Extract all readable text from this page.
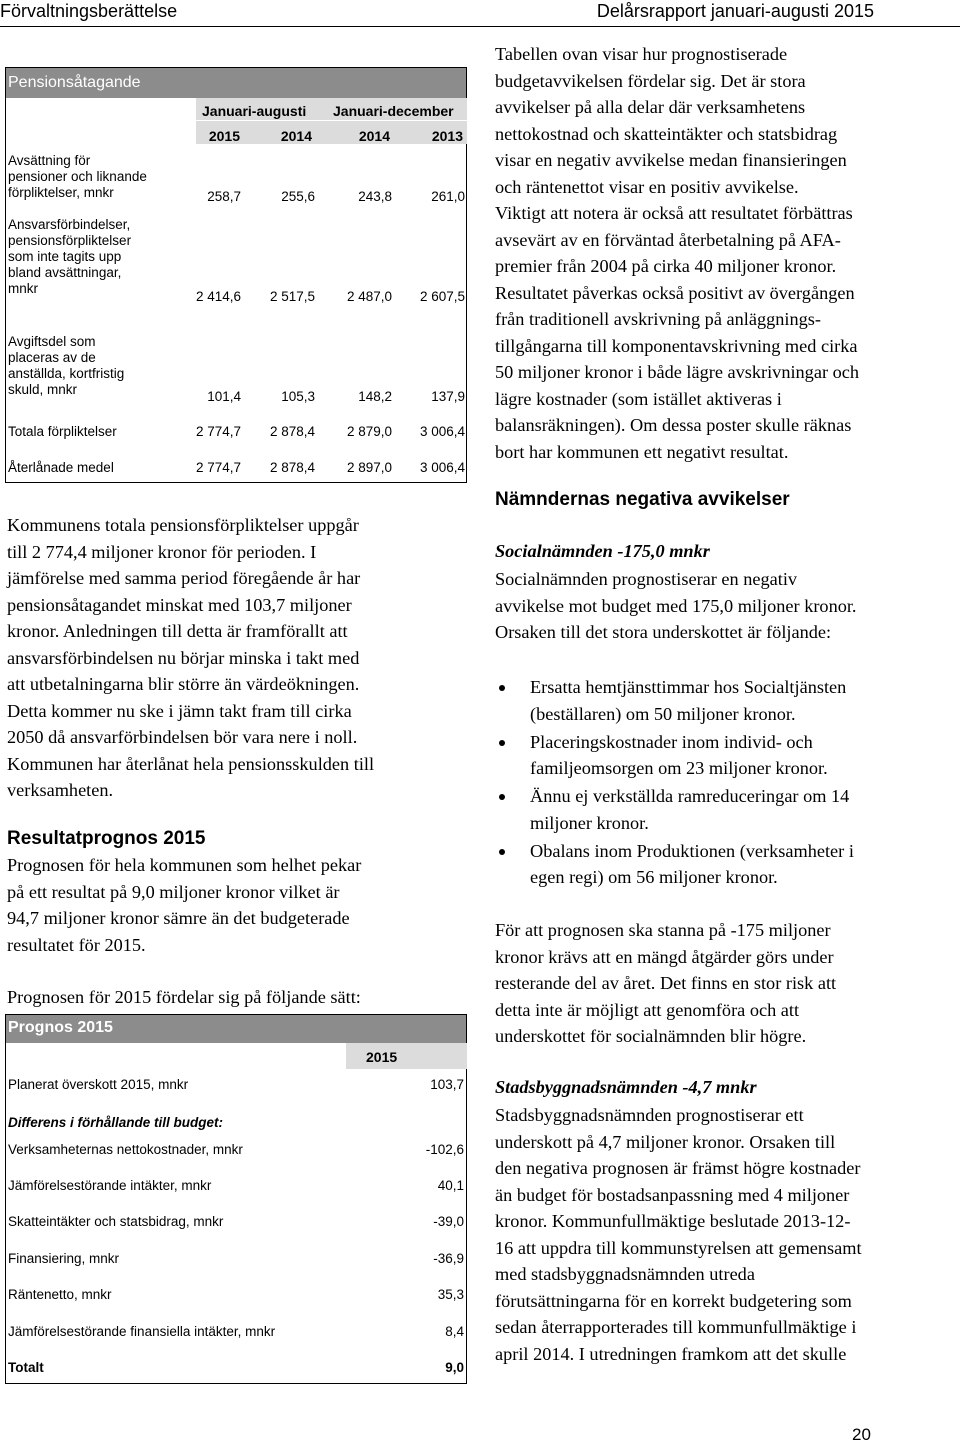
Förvaltningsberättelse	Delårsrapport januari-augusti 2015
Pensionsåtagande
Januari-augusti Januari-december
2015	2014	2014	2013
Avsättning för
pensioner och liknande
förpliktelser, mnkr	258,7	255,6	243,8	261,0
Ansvarsförbindelser,
pensionsförpliktelser
som inte tagits upp
bland avsättningar,
mnkr
2 414,6	2 517,5	2 487,0	2 607,5
Avgiftsdel som
placeras av de
anställda, kortfristig
skuld, mnkr	101,4	105,3	148,2	137,9
Totala förpliktelser	2 774,7	2 878,4	2 879,0	3 006,4
Återlånade medel	2 774,7	2 878,4	2 897,0	3 006,4
Kommunens totala pensionsförpliktelser uppgår
till 2 774,4 miljoner kronor för perioden. I
jämförelse med samma period föregående år har
pensionsåtagandet minskat med 103,7 miljoner
kronor. Anledningen till detta är framförallt att
ansvarsförbindelsen nu börjar minska i takt med
att utbetalningarna blir större än värdeökningen.
Detta kommer nu ske i jämn takt fram till cirka
2050 då ansvarförbindelsen bör vara nere i noll.
Kommunen har återlånat hela pensionsskulden till
verksamheten.
Resultatprognos 2015
Prognosen för hela kommunen som helhet pekar
på ett resultat på 9,0 miljoner kronor vilket är
94,7 miljoner kronor sämre än det budgeterade
resultatet för 2015.
Prognosen för 2015 fördelar sig på följande sätt:
Prognos 2015
2015
Planerat överskott 2015, mnkr	103,7
Differens i förhållande till budget:
Verksamheternas nettokostnader, mnkr	-102,6
Jämförelsestörande intäkter, mnkr	40,1
Skatteintäkter och statsbidrag, mnkr	-39,0
Finansiering, mnkr	-36,9
Räntenetto, mnkr	35,3
Jämförelsestörande finansiella intäkter, mnkr	8,4
Totalt	9,0
Tabellen ovan visar hur prognostiserade
budgetavvikelsen fördelar sig. Det är stora
avvikelser på alla delar där verksamhetens
nettokostnad och skatteintäkter och statsbidrag
visar en negativ avvikelse medan finansieringen
och räntenettot visar en positiv avvikelse.
Viktigt att notera är också att resultatet förbättras
avsevärt av en förväntad återbetalning på AFA-
premier från 2004 på cirka 40 miljoner kronor.
Resultatet påverkas också positivt av övergången
från traditionell avskrivning på anläggnings-
tillgångarna till komponentavskrivning med cirka
50 miljoner kronor i både lägre avskrivningar och
lägre kostnader (som istället aktiveras i
balansräkningen). Om dessa poster skulle räknas
bort har kommunen ett negativt resultat.
Nämndernas negativa avvikelser
Socialnämnden -175,0 mnkr
Socialnämnden prognostiserar en negativ
avvikelse mot budget med 175,0 miljoner kronor.
Orsaken till det stora underskottet är följande:
Ersatta hemtjänsttimmar hos Socialtjänsten
(beställaren) om 50 miljoner kronor.
Placeringskostnader inom individ- och
familjeomsorgen om 23 miljoner kronor.
Ännu ej verkställda ramreduceringar om 14
miljoner kronor.
Obalans inom Produktionen (verksamheter i
egen regi) om 56 miljoner kronor.
För att prognosen ska stanna på -175 miljoner
kronor krävs att en mängd åtgärder görs under
resterande del av året. Det finns en stor risk att
detta inte är möjligt att genomföra och att
underskottet för socialnämnden blir högre.
Stadsbyggnadsnämnden -4,7 mnkr
Stadsbyggnadsnämnden prognostiserar ett
underskott på 4,7 miljoner kronor. Orsaken till
den negativa prognosen är främst högre kostnader
än budget för bostadsanpassning med 4 miljoner
kronor. Kommunfullmäktige beslutade 2013-12-
16 att uppdra till kommunstyrelsen att gemensamt
med stadsbyggnadsnämnden utreda
förutsättningarna för en korrekt budgetering som
sedan återrapporterades till kommunfullmäktige i
april 2014. I utredningen framkom att det skulle
20
